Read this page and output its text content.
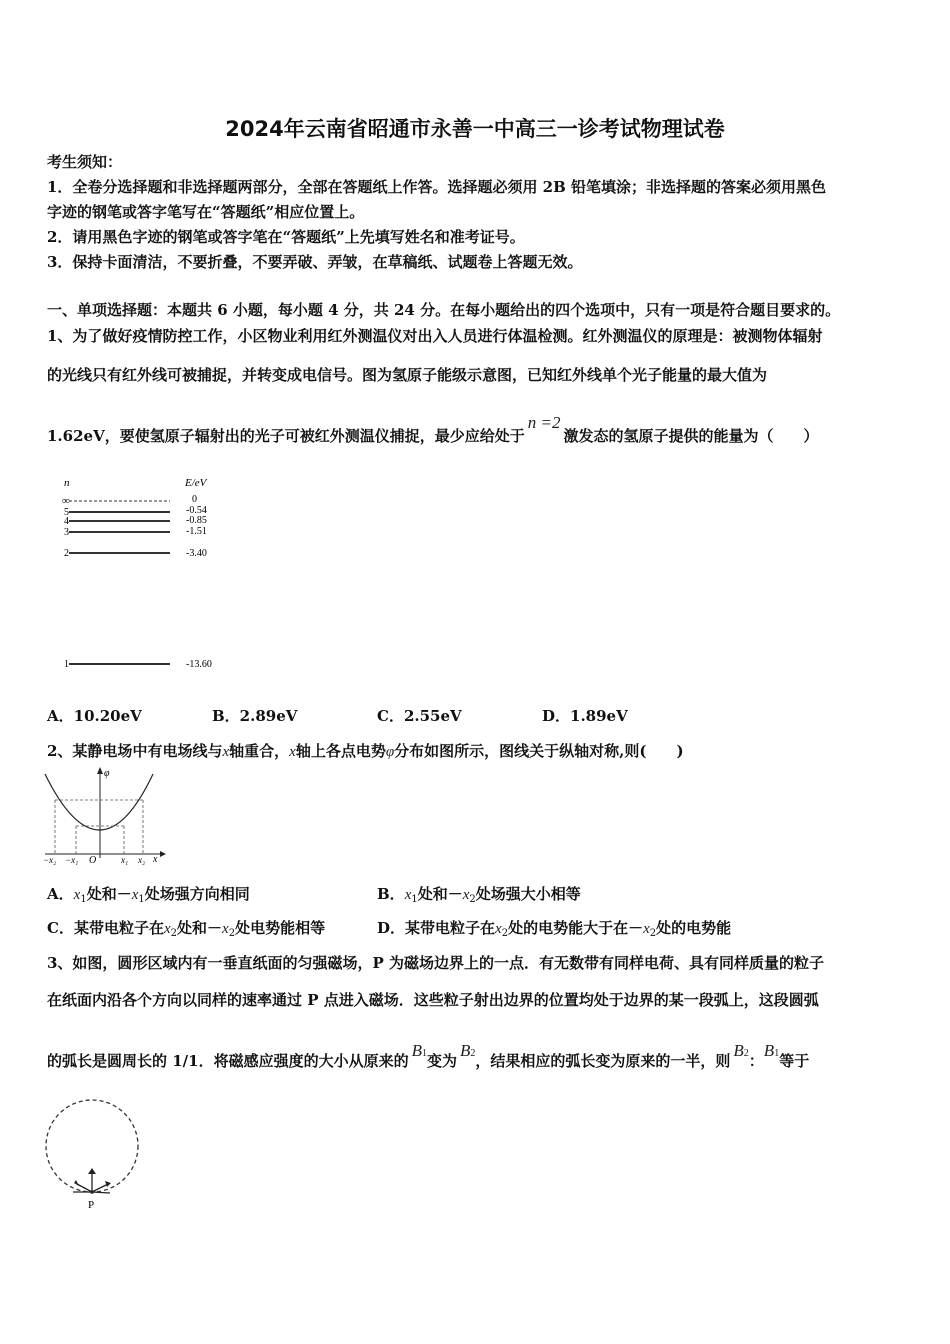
2024年云南省昭通市永善一中高三一诊考试物理试卷
考生须知：
1．全卷分选择题和非选择题两部分，全部在答题纸上作答。选择题必须用 2B 铅笔填涂；非选择题的答案必须用黑色
字迹的钢笔或答字笔写在“答题纸”相应位置上。
2．请用黑色字迹的钢笔或答字笔在“答题纸”上先填写姓名和准考证号。
3．保持卡面清洁，不要折叠，不要弄破、弄皱，在草稿纸、试题卷上答题无效。
一、单项选择题：本题共 6 小题，每小题 4 分，共 24 分。在每小题给出的四个选项中，只有一项是符合题目要求的。
1、为了做好疫情防控工作，小区物业利用红外测温仪对出入人员进行体温检测。红外测温仪的原理是：被测物体辐射
的光线只有红外线可被捕捉，并转变成电信号。图为氢原子能级示意图，已知红外线单个光子能量的最大值为
1.62eV，要使氢原子辐射出的光子可被红外测温仪捕捉，最少应给处于n =2激发态的氢原子提供的能量为（　　）
n	E/eV
∞
5
4
3
2
1
0
-0.54
-0.85
-1.51
-3.40
-13.60
A．10.20eV	B．2.89eV	C．2.55eV	D．1.89eV
2、某静电场中有电场线与x轴重合，x轴上各点电势φ分布如图所示，图线关于纵轴对称,则(　　)
φ
x
−x₂ −x₁ O	x₁ x₂
A．$x_1$处和$-x_1$处场强方向相同	B．$x_1$处和$-x_2$处场强大小相等
C．某带电粒子在$x_2$处和$-x_2$处电势能相等	D．某带电粒子在$x_2$处的电势能大于在$-x_2$处的电势能
3、如图，圆形区域内有一垂直纸面的匀强磁场，P 为磁场边界上的一点．有无数带有同样电荷、具有同样质量的粒子
在纸面内沿各个方向以同样的速率通过 P 点进入磁场．这些粒子射出边界的位置均处于边界的某一段弧上，这段圆弧
的弧长是圆周长的 1/1．将磁感应强度的大小从原来的B1变为B2，结果相应的弧长变为原来的一半，则B2：B1等于
P
